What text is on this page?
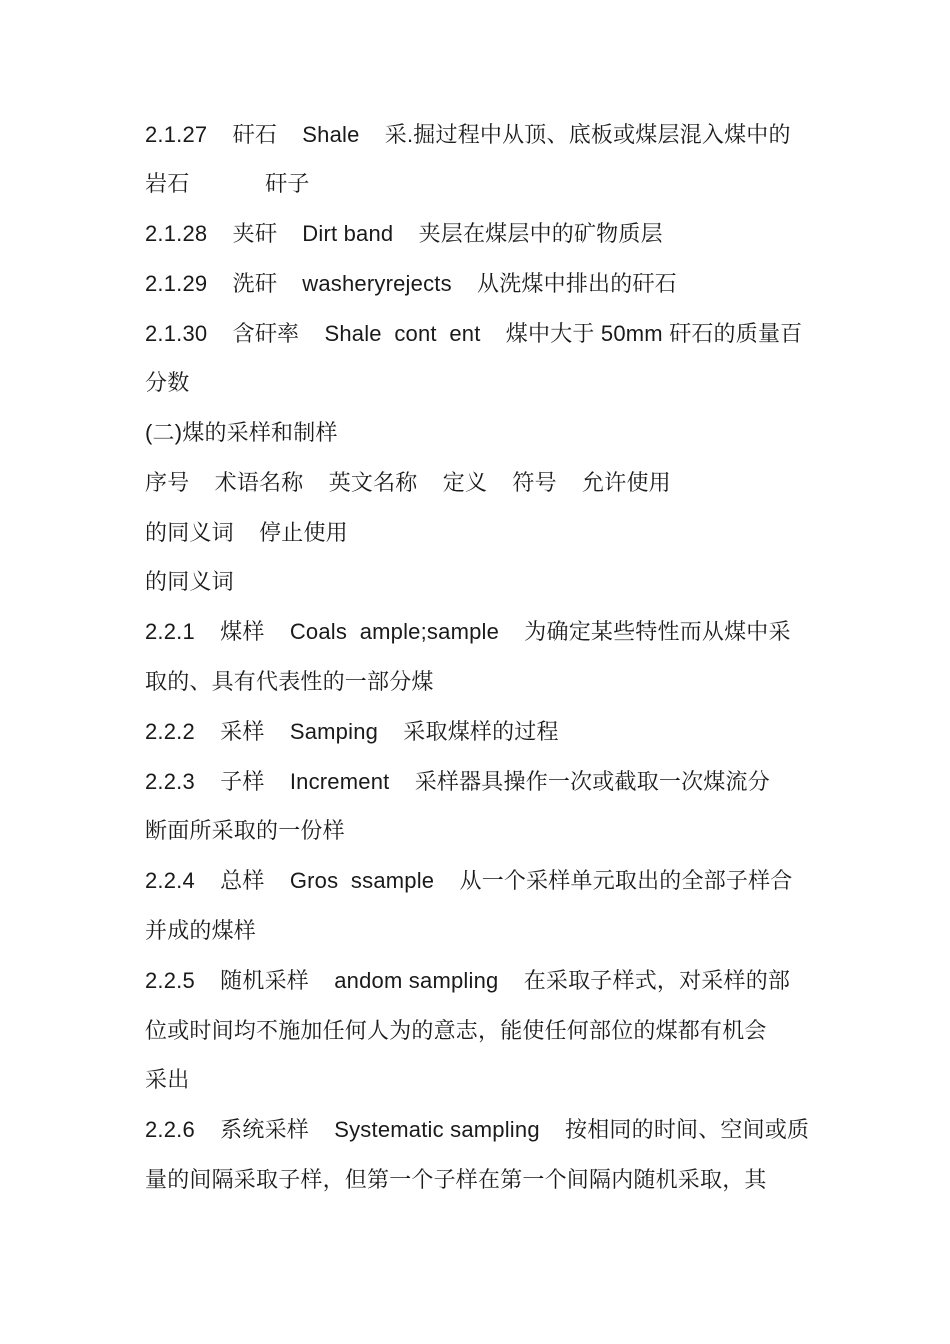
2.1.27    矸石    Shale    采.掘过程中从顶、底板或煤层混入煤中的
岩石            矸子
2.1.28    夹矸    Dirt band    夹层在煤层中的矿物质层
2.1.29    洗矸    washeryrejects    从洗煤中排出的矸石
2.1.30    含矸率    Shale  cont  ent    煤中大于 50mm 矸石的质量百
分数
(二)煤的采样和制样
序号    术语名称    英文名称    定义    符号    允许使用
的同义词    停止使用
的同义词
2.2.1    煤样    Coals  ample;sample    为确定某些特性而从煤中采
取的、具有代表性的一部分煤
2.2.2    采样    Samping    采取煤样的过程
2.2.3    子样    Increment    采样器具操作一次或截取一次煤流分
断面所采取的一份样
2.2.4    总样    Gros  ssample    从一个采样单元取出的全部子样合
并成的煤样
2.2.5    随机采样    andom sampling    在采取子样式，对采样的部
位或时间均不施加任何人为的意志，能使任何部位的煤都有机会
采出
2.2.6    系统采样    Systematic sampling    按相同的时间、空间或质
量的间隔采取子样，但第一个子样在第一个间隔内随机采取，其
